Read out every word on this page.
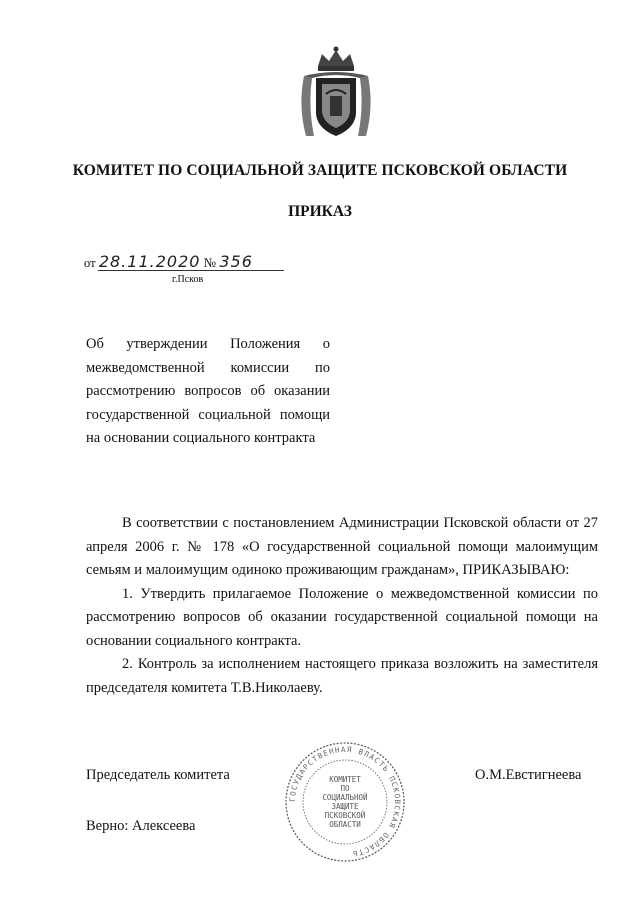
КОМИТЕТ ПО СОЦИАЛЬНОЙ ЗАЩИТЕ ПСКОВСКОЙ ОБЛАСТИ
ПРИКАЗ
от 28.11.2020 № 356
г.Псков
Об утверждении Положения о межведомственной комиссии по рассмотрению вопросов об оказании государственной социальной помощи на основании социального контракта

В соответствии с постановлением Администрации Псковской области от 27 апреля 2006 г. № 178 «О государственной социальной помощи малоимущим семьям и малоимущим одиноко проживающим гражданам», ПРИКАЗЫВАЮ:

1. Утвердить прилагаемое Положение о межведомственной комиссии по рассмотрению вопросов об оказании государственной социальной помощи на основании социального контракта.

2. Контроль за исполнением настоящего приказа возложить на заместителя председателя комитета Т.В.Николаеву.

Председатель комитета	О.М.Евстигнеева
Верно: Алексеева
ГОСУДАРСТВЕННАЯ ВЛАСТЬ ПСКОВСКАЯ ОБЛАСТЬ
КОМИТЕТ
ПО
СОЦИАЛЬНОЙ
ЗАЩИТЕ
ПСКОВСКОЙ
ОБЛАСТИ
